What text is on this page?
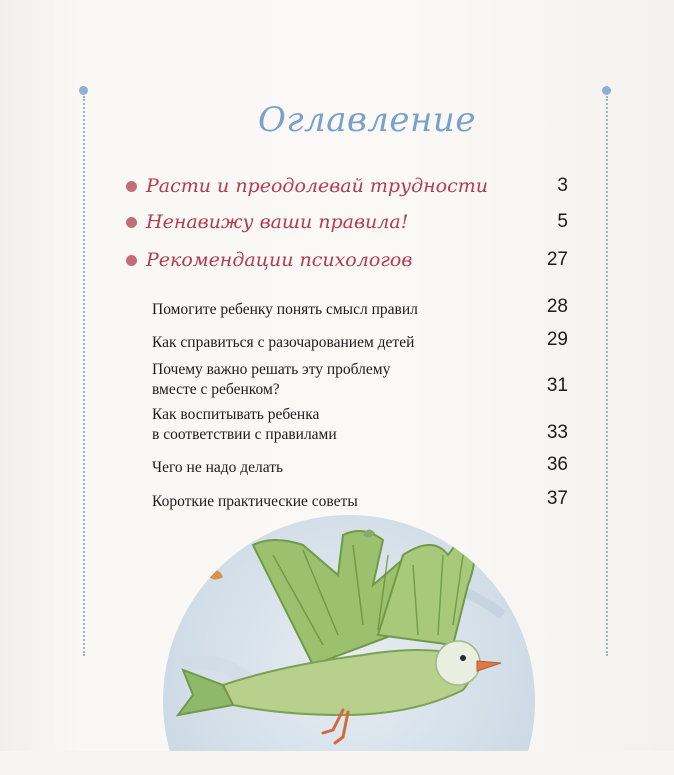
Оглавление
Расти и преодолевай трудности	3
Ненавижу ваши правила!	5
Рекомендации психологов	27
Помогите ребенку понять смысл правил	28
Как справиться с разочарованием детей	29
Почему важно решать эту проблему
вместе с ребенком?	31
Как воспитывать ребенка
в соответствии с правилами	33
Чего не надо делать	36
Короткие практические советы	37
